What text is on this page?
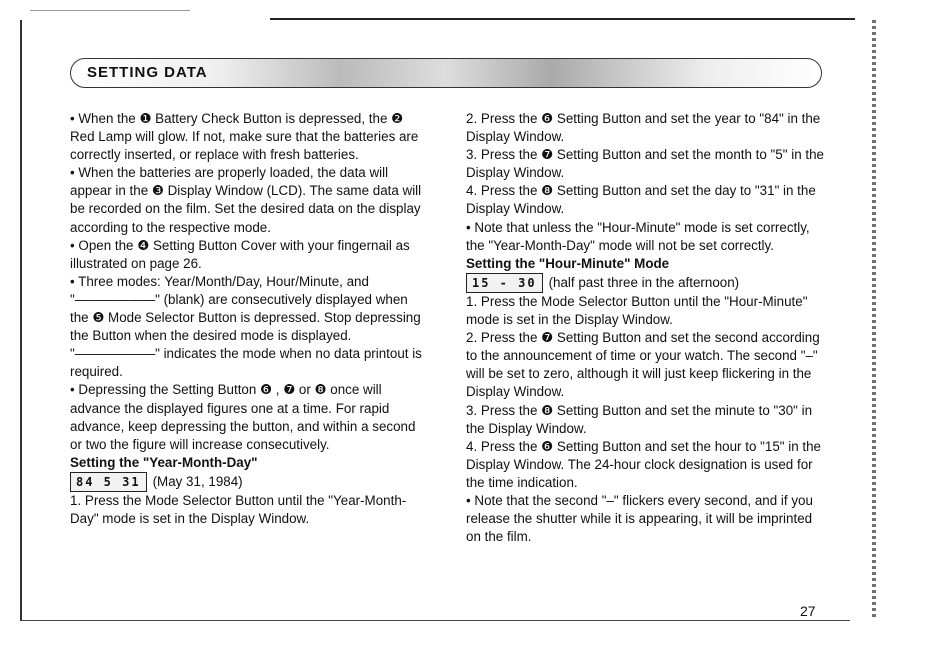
SETTING DATA

• When the ❶ Battery Check Button is depressed, the ❷ Red Lamp will glow. If not, make sure that the batteries are correctly inserted, or replace with fresh batteries.

• When the batteries are properly loaded, the data will appear in the ❸ Display Window (LCD). The same data will be recorded on the film. Set the desired data on the display according to the respective mode.

• Open the ❹ Setting Button Cover with your fingernail as illustrated on page 26.

• Three modes: Year/Month/Day, Hour/Minute, and "——————" (blank) are consecutively displayed when the ❺ Mode Selector Button is depressed. Stop depressing the Button when the desired mode is displayed. "——————" indicates the mode when no data printout is required.

• Depressing the Setting Button ❻ , ❼ or ❽ once will advance the displayed figures one at a time. For rapid advance, keep depressing the button, and within a second or two the figure will increase consecutively.

Setting the "Year-Month-Day"

84 5 31 (May 31, 1984)

1. Press the Mode Selector Button until the "Year-Month-Day" mode is set in the Display Window.

2. Press the ❻ Setting Button and set the year to "84" in the Display Window.

3. Press the ❼ Setting Button and set the month to "5" in the Display Window.

4. Press the ❽ Setting Button and set the day to "31" in the Display Window.

• Note that unless the "Hour-Minute" mode is set correctly, the "Year-Month-Day" mode will not be set correctly.

Setting the "Hour-Minute" Mode

15 - 30 (half past three in the afternoon)

1. Press the Mode Selector Button until the "Hour-Minute" mode is set in the Display Window.

2. Press the ❼ Setting Button and set the second according to the announcement of time or your watch. The second "–" will be set to zero, although it will just keep flickering in the Display Window.

3. Press the ❽ Setting Button and set the minute to "30" in the Display Window.

4. Press the ❻ Setting Button and set the hour to "15" in the Display Window. The 24-hour clock designation is used for the time indication.

• Note that the second "–" flickers every second, and if you release the shutter while it is appearing, it will be imprinted on the film.

27
